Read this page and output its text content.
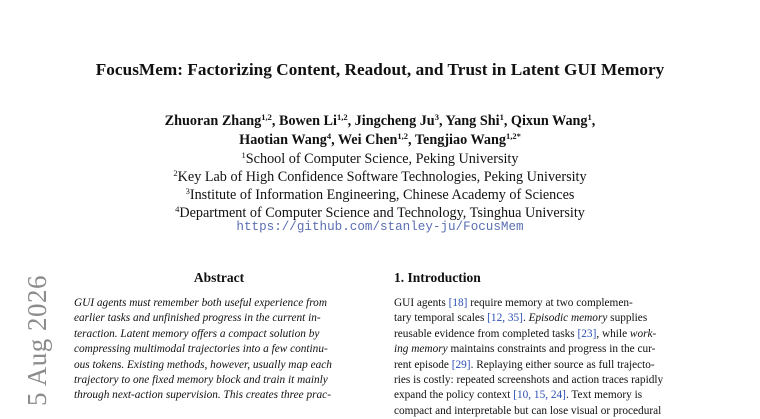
FocusMem: Factorizing Content, Readout, and Trust in Latent GUI Memory
Zhuoran Zhang$^{1,2}$, Bowen Li$^{1,2}$, Jingcheng Ju$^3$, Yang Shi$^1$, Qixun Wang$^1$,
Haotian Wang$^4$, Wei Chen$^{1,2}$, Tengjiao Wang$^{1,2*}$
$^1$School of Computer Science, Peking University
$^2$Key Lab of High Confidence Software Technologies, Peking University
$^3$Institute of Information Engineering, Chinese Academy of Sciences
$^4$Department of Computer Science and Technology, Tsinghua University
https://github.com/stanley-ju/FocusMem
5 Aug 2026	Abstract
GUI agents must remember both useful experience from
earlier tasks and unfinished progress in the current in-
teraction. Latent memory offers a compact solution by
compressing multimodal trajectories into a few continu-
ous tokens. Existing methods, however, usually map each
trajectory to one fixed memory block and train it mainly
through next-action supervision. This creates three prac-
1. Introduction
GUI agents [18] require memory at two complemen-
tary temporal scales [12, 35]. Episodic memory supplies
reusable evidence from completed tasks [23], while work-
ing memory maintains constraints and progress in the cur-
rent episode [29]. Replaying either source as full trajecto-
ries is costly: repeated screenshots and action traces rapidly
expand the policy context [10, 15, 24]. Text memory is
compact and interpretable but can lose visual or procedural
